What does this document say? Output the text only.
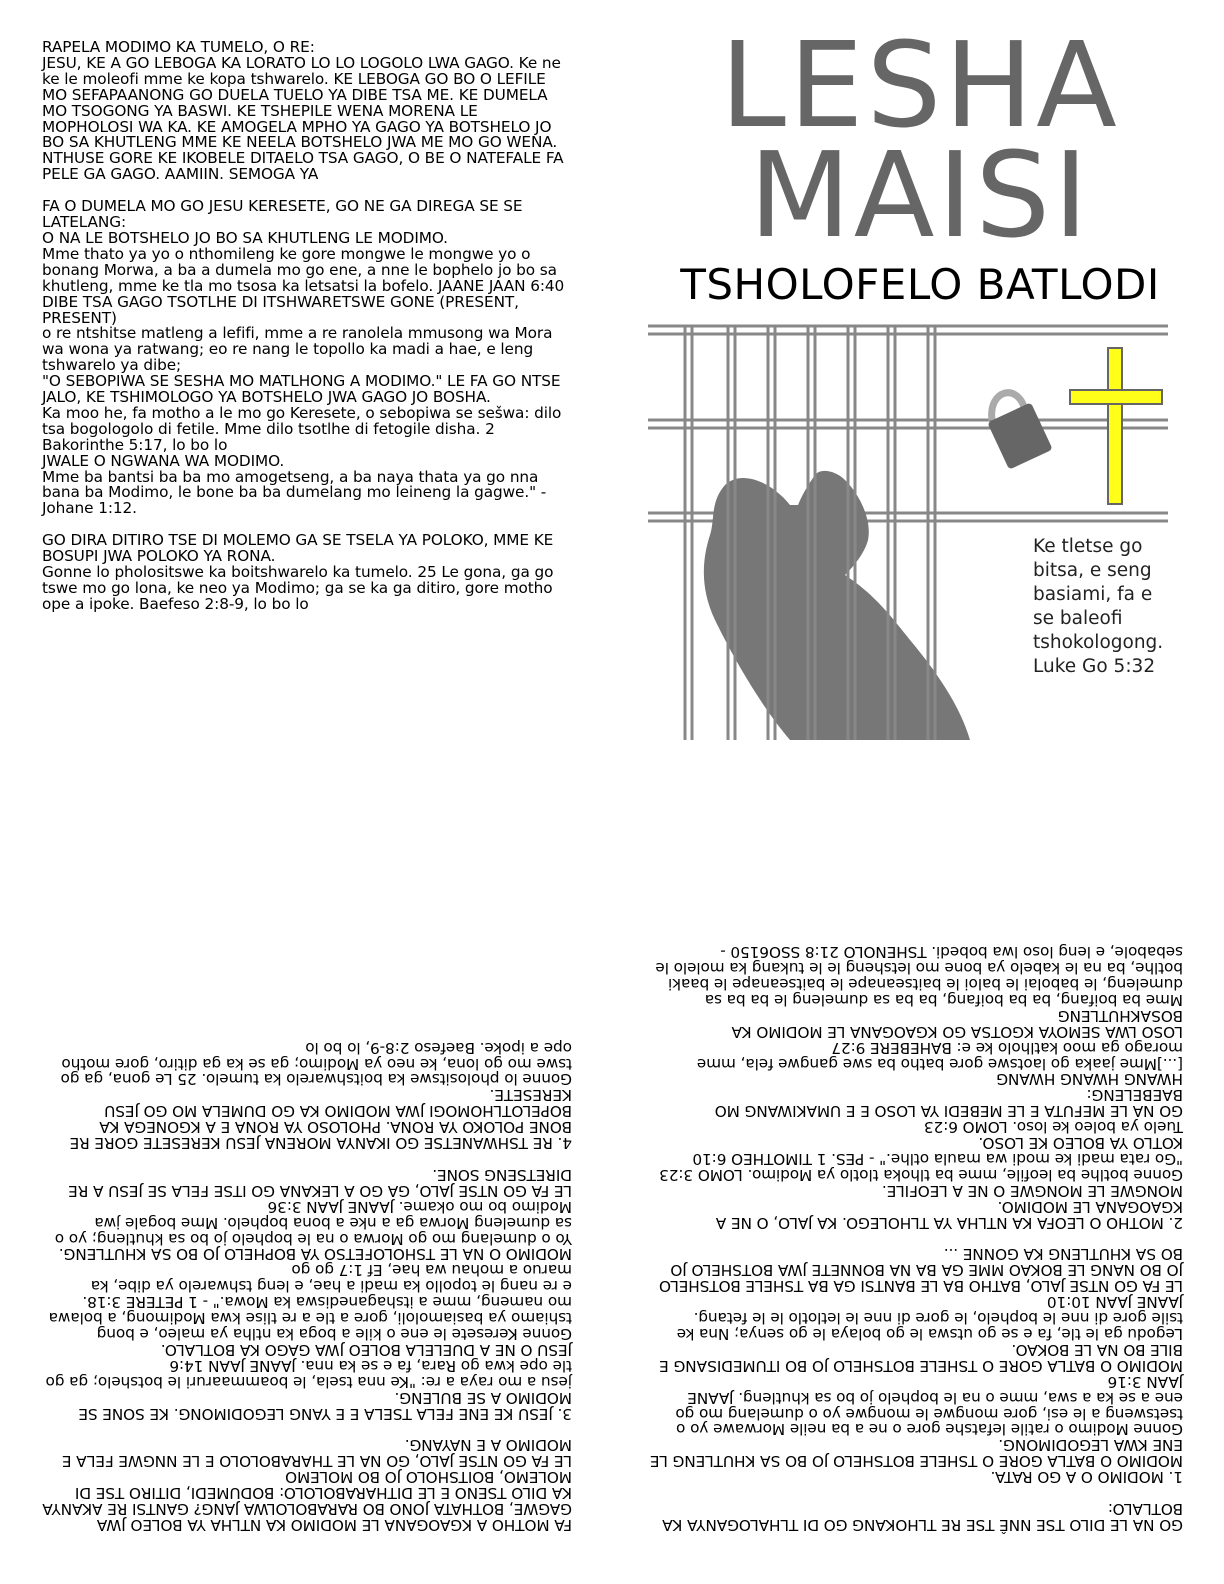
RAPELA MODIMO KA TUMELO, O RE:
JESU, KE A GO LEBOGA KA LORATO LO LO LOGOLO LWA GAGO. Ke ne ke le moleofi mme ke kopa tshwarelo. KE LEBOGA GO BO O LEFILE MO SEFAPAANONG GO DUELA TUELO YA DIBE TSA ME. KE DUMELA MO TSOGONG YA BASWI. KE TSHEPILE WENA MORENA LE MOPHOLOSI WA KA. KE AMOGELA MPHO YA GAGO YA BOTSHELO JO BO SA KHUTLENG MME KE NEELA BOTSHELO JWA ME MO GO WENA. NTHUSE GORE KE IKOBELE DITAELO TSA GAGO, O BE O NATEFALE FA PELE GA GAGO. AAMIIN. SEMOGA YA

FA O DUMELA MO GO JESU KERESETE, GO NE GA DIREGA SE SE LATELANG:
O NA LE BOTSHELO JO BO SA KHUTLENG LE MODIMO.
Mme thato ya yo o nthomileng ke gore mongwe le mongwe yo o bonang Morwa, a ba a dumela mo go ene, a nne le bophelo jo bo sa khutleng, mme ke tla mo tsosa ka letsatsi la bofelo. JAANE JAAN 6:40
DIBE TSA GAGO TSOTLHE DI ITSHWARETSWE GONE (PRESENT, PRESENT)
o re ntshitse matleng a lefifi, mme a re ranolela mmusong wa Mora wa wona ya ratwang; eo re nang le topollo ka madi a hae, e leng tshwarelo ya dibe;
"O SEBOPIWA SE SESHA MO MATLHONG A MODIMO." LE FA GO NTSE JALO, KE TSHIMOLOGO YA BOTSHELO JWA GAGO JO BOSHA.
Ka moo he, fa motho a le mo go Keresete, o sebopiwa se sešwa: dilo tsa bogologolo di fetile. Mme dilo tsotlhe di fetogile disha. 2 Bakorinthe 5:17, lo bo lo
JWALE O NGWANA WA MODIMO.
Mme ba bantsi ba ba mo amogetseng, a ba naya thata ya go nna bana ba Modimo, le bone ba ba dumelang mo leineng la gagwe." - Johane 1:12.

GO DIRA DITIRO TSE DI MOLEMO GA SE TSELA YA POLOKO, MME KE BOSUPI JWA POLOKO YA RONA.
Gonne lo pholositswe ka boitshwarelo ka tumelo. 25 Le gona, ga go tswe mo go lona, ke neo ya Modimo; ga se ka ga ditiro, gore motho ope a ipoke. Baefeso 2:8-9, lo bo lo

LESHA

MAISI

TSHOLOFELO BATLODI

Ke tletse go
bitsa, e seng
basiami, fa e
se baleofi
tshokologong.
Luke Go 5:32

FA MOTHO A KGAOGANA LE MODIMO KA NTLHA YA BOLEO JWA GAGWE, BOTHATA JONO BO RARABOLOLWA JANG? GANTSI RE AKANYA KA DILO TSENO E LE DITHARABOLOLO: BODUMEDI, DITIRO TSE DI MOLEMO, BOITSHOLO JO BO MOLEMO
LE FA GO NTSE JALO, GO NA LE THARABOLOLO E LE NNGWE FELA E MODIMO A E NAYANG.

3. JESU KE ENE FELA TSELA E E YANG LEGODIMONG. KE SONE SE MODIMO A SE BULENG.
jesu a mo raya a re: "Ke nna tsela, le boammaaruri le botshelo; ga go tle ope kwa go Rara, fa e se ka nna. JAANE JAAN 14:6
JESU O NE A DUELELA BOLEO JWA GAGO KA BOTLALO.
Gonne Keresete le ene o kile a boga ka ntlha ya maleo, e bong tshiamo ya basiamololi, gore a tle a re tlise kwa Modimong, a bolawa mo nameng, mme a itshaganediswa ka Mowa." - 1 PETERE 3:18.
e re nang le topollo ka madi a hae, e leng tshwarelo ya dibe, ka maruo a mohau wa hae, Ef 1:7 go go
MODIMO O NA LE TSHOLOFETSO YA BOPHELO JO BO SA KHUTLENG.
Yo o dumelang mo go Morwa o na le bophelo jo bo sa khutleng; yo o sa dumeleng Morwa ga a nke a bona bophelo. Mme bogale jwa Modimo bo mo okame. JAANE JAAN 3:36
LE FA GO NTSE JALO, GA GO A LEKANA GO ITSE FELA SE JESU A RE DIRETSENG SONE.

4. RE TSHWANETSE GO IKANYA MORENA JESU KERESETE GORE RE BONE POLOKO YA RONA. PHOLOSO YA RONA E A KGONEGA KA BOPELOTLHOMOGI JWA MODIMO KA GO DUMELA MO GO JESU KERESETE.
Gonne lo pholositswe ka boitshwarelo ka tumelo. 25 Le gona, ga go tswe mo go lona, ke neo ya Modimo; ga se ka ga ditiro, gore motho ope a ipoke. Baefeso 2:8-9, lo bo lo

GO NA LE DILO TSE NNÊ TSE RE TLHOKANG GO DI TLHALOGANYA KA BOTLALO:

1. MODIMO O A GO RATA.
MODIMO O BATLA GORE O TSHELE BOTSHELO JO BO SA KHUTLENG LE ENE KWA LEGODIMONG.
Gonne Modimo o ratile lefatshe gore o ne a ba neile Morwawe yo o tsetsweng a le esi, gore mongwe le mongwe yo o dumelang mo go ene a se ka a swa, mme o na le bophelo jo bo sa khutleng. JAANE JAAN 3:16
MODIMO O BATLA GORE O TSHELE BOTSHELO JO BO ITUMEDISANG E BILE BO NA LE BOKAO.
Legodu ga le tle, fa e se go utswa le go bolaya le go senya; Nna ke tsile gore di nne le bophelo, le gore di nne le letlotlo le le fetang. JAANE JAAN 10:10
LE FA GO NTSE JALO, BATHO BA LE BANTSI GA BA TSHELE BOTSHELO JO BO NANG LE BOKAO MME GA BA NA BONNETE JWA BOTSHELO JO BO SA KHUTLENG KA GONNE ...

2. MOTHO O LEOFA KA NTLHA YA TLHOLEGO. KA JALO, O NE A KGAOGANA LE MODIMO.
MONGWE LE MONGWE O NE A LEOFILE.
Gonne botlhe ba leofile, mme ba tlhoka tlotlo ya Modimo. LOMO 3:23
"Go rata madi ke modi wa maula otlhe." - PES. 1 TIMOTHEO 6:10
KOTLO YA BOLEO KE LOSO.
Tuelo ya boleo ke loso. LOMO 6:23
GO NA LE MEFUTA E LE MEBEDI YA LOSO E E UMAKIWANG MO BAEBELENG:
HWANG HWANG HWANG
[...]Mme jaaka go laotswe gore batho ba swe gangwe fela, mme morago ga moo katlholo ke e: BAHEBERE 9:27
LOSO LWA SEMOYA KGOTSA GO KGAOGANA LE MODIMO KA BOSAKHUTLENG
Mme ba boifang, ba ba boifang, ba ba sa dumeleng le ba ba sa dumeleng, le babolai le baloi le baitseanape le baitseanape le baaki botlhe, ba na le kabelo ya bone mo letsheng le le tukang ka molelo le sebabole, e leng loso lwa bobedi. TSHENOLO 21:8 SSO6150 -
